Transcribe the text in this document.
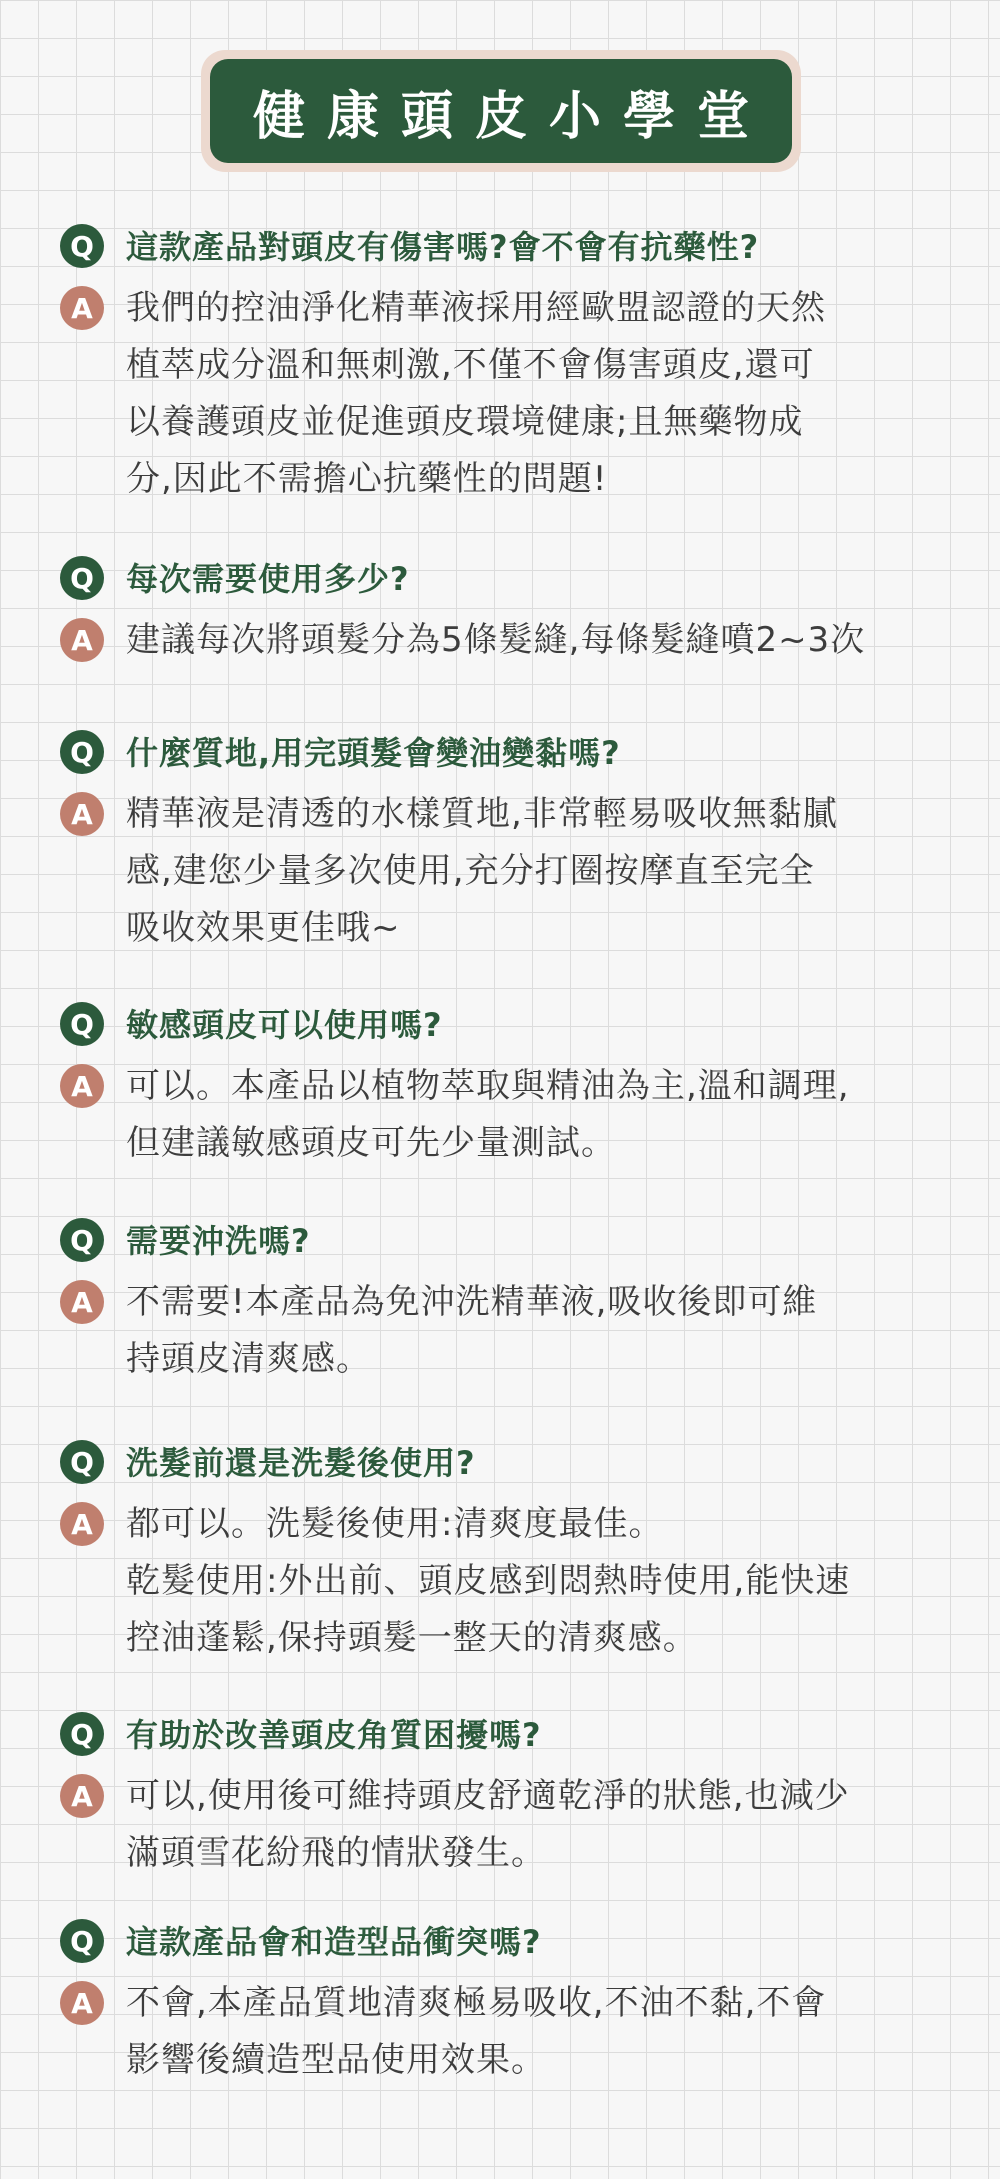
健康頭皮小學堂
Q	這款產品對頭皮有傷害嗎?會不會有抗藥性?
A 我們的控油淨化精華液採用經歐盟認證的天然
植萃成分溫和無刺激,不僅不會傷害頭皮,還可
以養護頭皮並促進頭皮環境健康;且無藥物成
分,因此不需擔心抗藥性的問題!
Q	每次需要使用多少?
A 建議每次將頭髮分為5條髮縫,每條髮縫噴2~3次
Q	什麼質地,用完頭髮會變油變黏嗎?
A 精華液是清透的水樣質地,非常輕易吸收無黏膩
感,建您少量多次使用,充分打圈按摩直至完全
吸收效果更佳哦~
Q	敏感頭皮可以使用嗎?
A 可以。本產品以植物萃取與精油為主,溫和調理,
但建議敏感頭皮可先少量測試。
Q	需要沖洗嗎?
A 不需要!本產品為免沖洗精華液,吸收後即可維
持頭皮清爽感。
Q	洗髮前還是洗髮後使用?
A 都可以。洗髮後使用:清爽度最佳。
乾髮使用:外出前、頭皮感到悶熱時使用,能快速
控油蓬鬆,保持頭髮一整天的清爽感。
Q	有助於改善頭皮角質困擾嗎?
A 可以,使用後可維持頭皮舒適乾淨的狀態,也減少
滿頭雪花紛飛的情狀發生。
Q	這款產品會和造型品衝突嗎?
A 不會,本產品質地清爽極易吸收,不油不黏,不會
影響後續造型品使用效果。
